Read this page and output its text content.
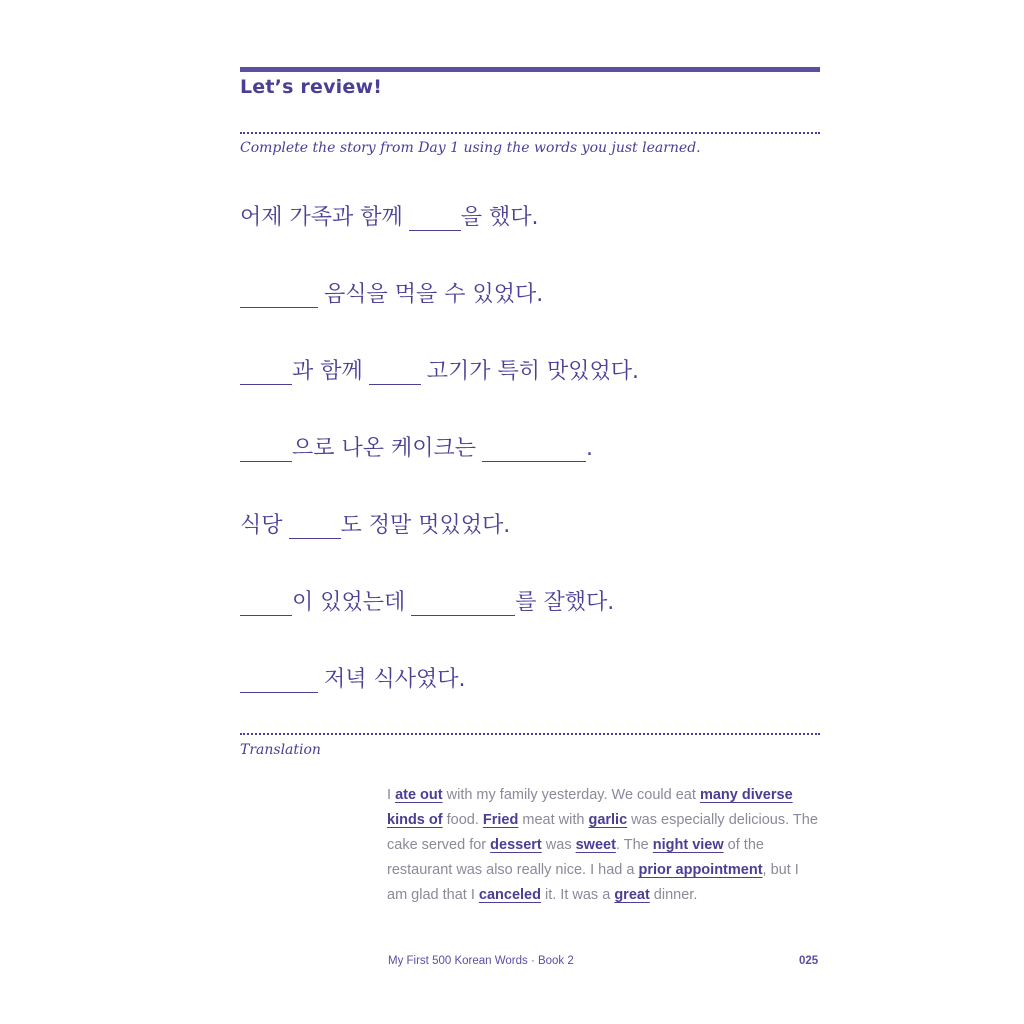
Let’s review!
Complete the story from Day 1 using the words you just learned.
어제 가족과 함께	을 했다.
음식을 먹을 수 있었다.
과 함께	고기가 특히 맛있었다.
으로 나온 케이크는	.
식당	도 정말 멋있었다.
이 있었는데	를 잘했다.
저녁 식사였다.
Translation
I ate out with my family yesterday. We could eat many diverse kinds of food. Fried meat with garlic was especially delicious. The cake served for dessert was sweet. The night view of the restaurant was also really nice. I had a prior appointment, but I am glad that I canceled it. It was a great dinner.
My First 500 Korean Words · Book 2	025
